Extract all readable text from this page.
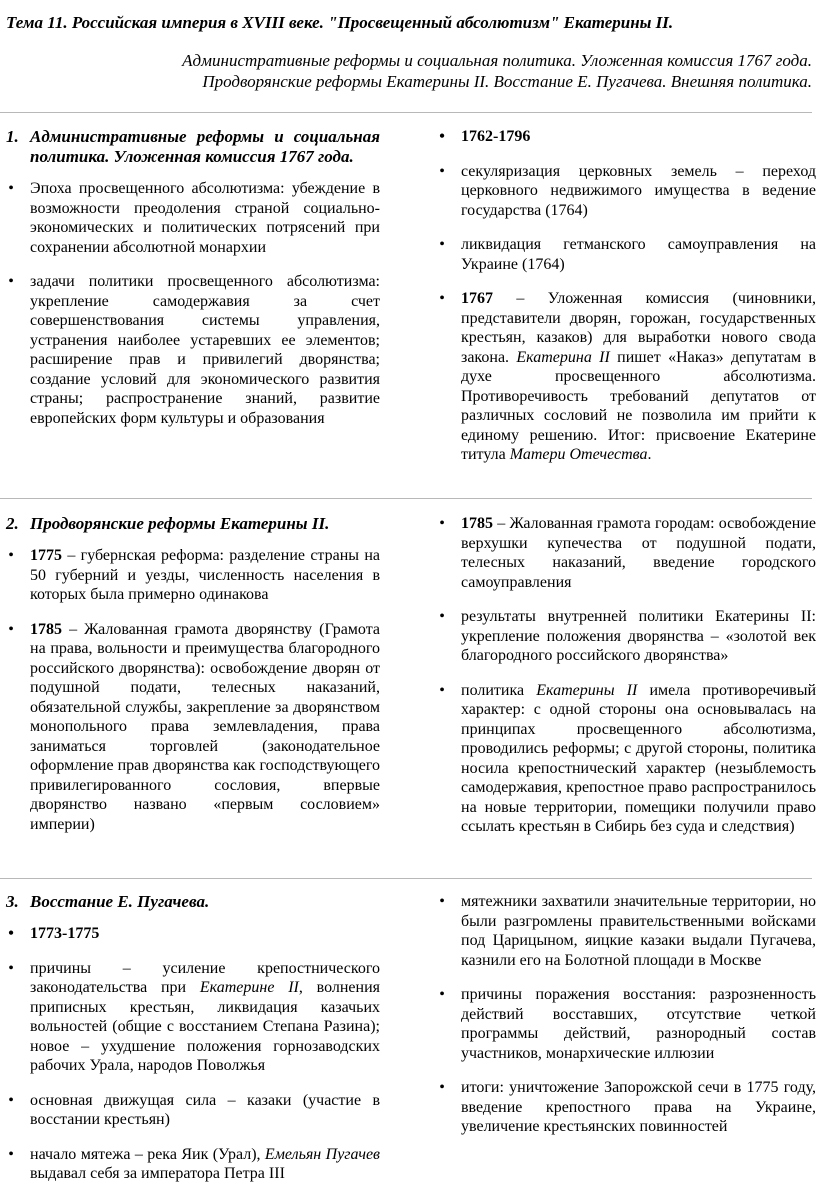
Тема 11. Российская империя в XVIII веке. "Просвещенный абсолютизм" Екатерины II.

Административные реформы и социальная политика. Уложенная комиссия 1767 года.
Продворянские реформы Екатерины II. Восстание Е. Пугачева. Внешняя политика.
1. Административные реформы и социальная политика. Уложенная комиссия 1767 года.
• Эпоха просвещенного абсолютизма: убеждение в возможности преодоления страной социально-экономических и политических потрясений при сохранении абсолютной монархии
• задачи политики просвещенного абсолютизма: укрепление самодержавия за счет совершенствования системы управления, устранения наиболее устаревших ее элементов; расширение прав и привилегий дворянства; создание условий для экономического развития страны; распространение знаний, развитие европейских форм культуры и образования
• 1762-1796
• секуляризация церковных земель – переход церковного недвижимого имущества в ведение государства (1764)
• ликвидация гетманского самоуправления на Украине (1764)
• 1767 – Уложенная комиссия (чиновники, представители дворян, горожан, государственных крестьян, казаков) для выработки нового свода закона. Екатерина II пишет «Наказ» депутатам в духе просвещенного абсолютизма. Противоречивость требований депутатов от различных сословий не позволила им прийти к единому решению. Итог: присвоение Екатерине титула Матери Отечества.
2. Продворянские реформы Екатерины II.
• 1775 – губернская реформа: разделение страны на 50 губерний и уезды, численность населения в которых была примерно одинакова
• 1785 – Жалованная грамота дворянству (Грамота на права, вольности и преимущества благородного российского дворянства): освобождение дворян от подушной подати, телесных наказаний, обязательной службы, закрепление за дворянством монопольного права землевладения, права заниматься торговлей (законодательное оформление прав дворянства как господствующего привилегированного сословия, впервые дворянство названо «первым сословием» империи)
• 1785 – Жалованная грамота городам: освобождение верхушки купечества от подушной подати, телесных наказаний, введение городского самоуправления
• результаты внутренней политики Екатерины II: укрепление положения дворянства – «золотой век благородного российского дворянства»
• политика Екатерины II имела противоречивый характер: с одной стороны она основывалась на принципах просвещенного абсолютизма, проводились реформы; с другой стороны, политика носила крепостнический характер (незыблемость самодержавия, крепостное право распространилось на новые территории, помещики получили право ссылать крестьян в Сибирь без суда и следствия)
3. Восстание Е. Пугачева.
• 1773-1775
• причины – усиление крепостнического законодательства при Екатерине II, волнения приписных крестьян, ликвидация казачьих вольностей (общие с восстанием Степана Разина); новое – ухудшение положения горнозаводских рабочих Урала, народов Поволжья
• основная движущая сила – казаки (участие в восстании крестьян)
• начало мятежа – река Яик (Урал), Емельян Пугачев выдавал себя за императора Петра III
• мятежники захватили значительные территории, но были разгромлены правительственными войсками под Царицыном, яицкие казаки выдали Пугачева, казнили его на Болотной площади в Москве
• причины поражения восстания: разрозненность действий восставших, отсутствие четкой программы действий, разнородный состав участников, монархические иллюзии
• итоги: уничтожение Запорожской сечи в 1775 году, введение крепостного права на Украине, увеличение крестьянских повинностей
